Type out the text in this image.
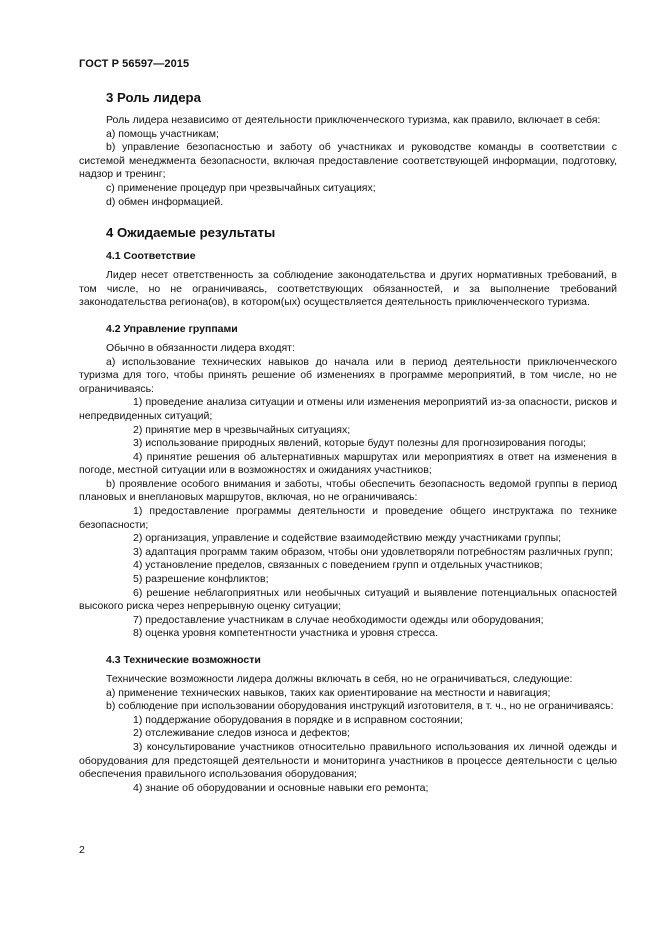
ГОСТ Р 56597—2015
3 Роль лидера

Роль лидера независимо от деятельности приключенческого туризма, как правило, включает в себя:

a) помощь участникам;

b) управление безопасностью и заботу об участниках и руководстве команды в соответствии с системой менеджмента безопасности, включая предоставление соответствующей информации, подготовку, надзор и тренинг;

c) применение процедур при чрезвычайных ситуациях;

d) обмен информацией.

4 Ожидаемые результаты
4.1 Соответствие

Лидер несет ответственность за соблюдение законодательства и других нормативных требований, в том числе, но не ограничиваясь, соответствующих обязанностей, и за выполнение требований законодательства региона(ов), в котором(ых) осуществляется деятельность приключенческого туризма.

4.2 Управление группами

Обычно в обязанности лидера входят:

a) использование технических навыков до начала или в период деятельности приключенческого туризма для того, чтобы принять решение об изменениях в программе мероприятий, в том числе, но не ограничиваясь:

1) проведение анализа ситуации и отмены или изменения мероприятий из-за опасности, рисков и непредвиденных ситуаций;

2) принятие мер в чрезвычайных ситуациях;

3) использование природных явлений, которые будут полезны для прогнозирования погоды;

4) принятие решения об альтернативных маршрутах или мероприятиях в ответ на изменения в погоде, местной ситуации или в возможностях и ожиданиях участников;

b) проявление особого внимания и заботы, чтобы обеспечить безопасность ведомой группы в период плановых и внеплановых маршрутов, включая, но не ограничиваясь:

1) предоставление программы деятельности и проведение общего инструктажа по технике безопасности;

2) организация, управление и содействие взаимодействию между участниками группы;

3) адаптация программ таким образом, чтобы они удовлетворяли потребностям различных групп;

4) установление пределов, связанных с поведением групп и отдельных участников;

5) разрешение конфликтов;

6) решение неблагоприятных или необычных ситуаций и выявление потенциальных опасностей высокого риска через непрерывную оценку ситуации;

7) предоставление участникам в случае необходимости одежды или оборудования;

8) оценка уровня компетентности участника и уровня стресса.

4.3 Технические возможности

Технические возможности лидера должны включать в себя, но не ограничиваться, следующие:

a) применение технических навыков, таких как ориентирование на местности и навигация;

b) соблюдение при использовании оборудования инструкций изготовителя, в т. ч., но не ограничиваясь:

1) поддержание оборудования в порядке и в исправном состоянии;

2) отслеживание следов износа и дефектов;

3) консультирование участников относительно правильного использования их личной одежды и оборудования для предстоящей деятельности и мониторинга участников в процессе деятельности с целью обеспечения правильного использования оборудования;

4) знание об оборудовании и основные навыки его ремонта;

2
